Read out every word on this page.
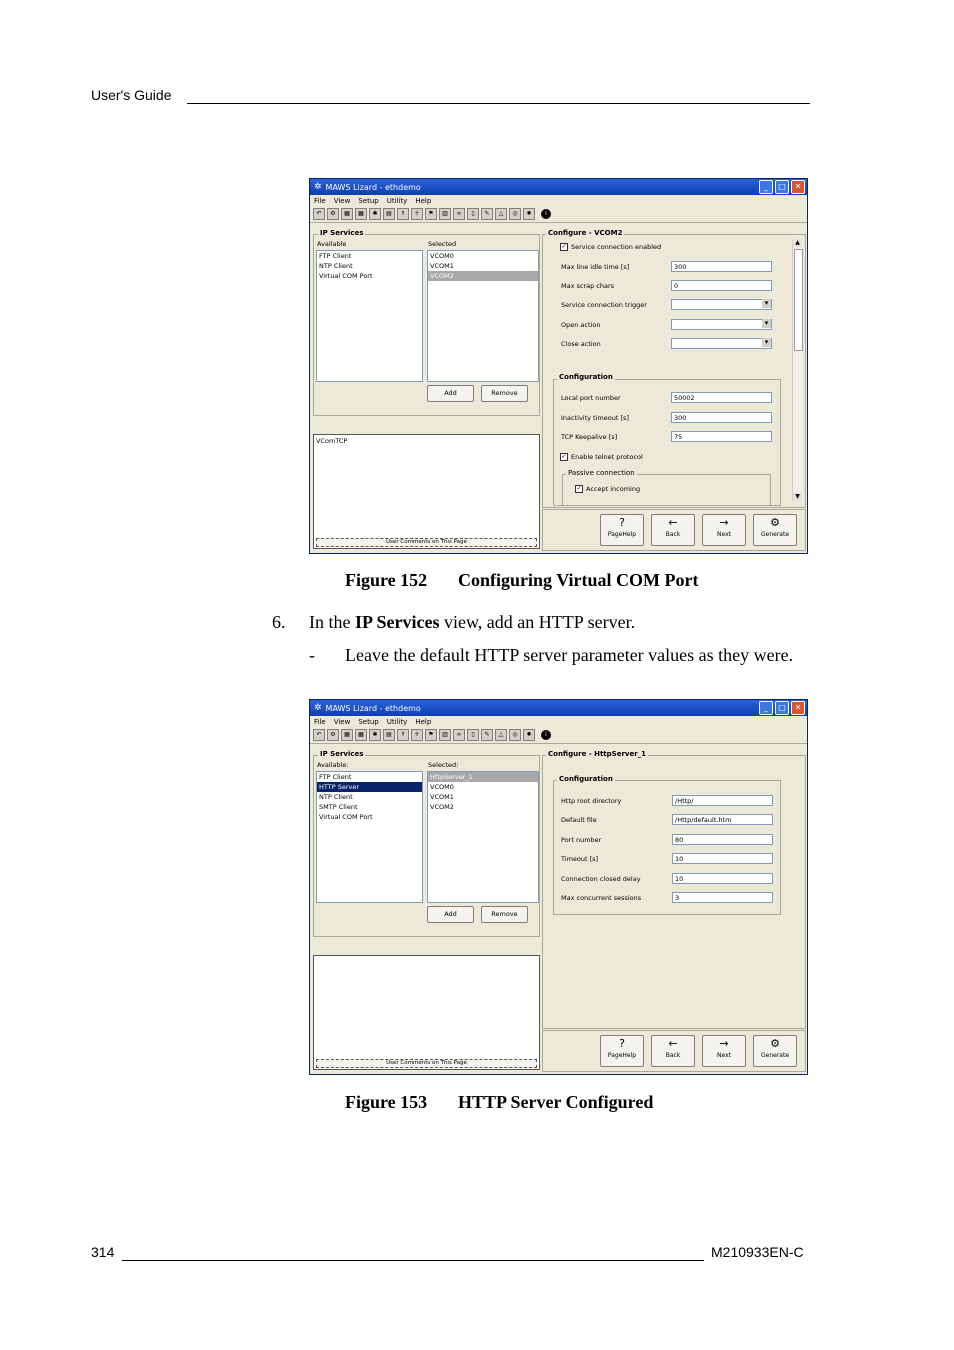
User's Guide
✲ MAWS Lizard - ethdemo	_	□	✕
File View Setup Utility Help
↶	⚙	▦	▦	✱	▤	☨	☥	⚑	▥	∞	▯	✎	△	◎	✹	i
IP Services
Available	Selected
FTP Client
NTP Client
Virtual COM Port
VCOM0
VCOM1
VCOM2
Add	Remove
VComTCP
User Comments on This Page
Configure - VCOM2
✓ Service connection enabled
Max line idle time [s]	300
Max scrap chars	0
Service connection trigger
▾
Open action
▾
Close action
▾
Configuration
Local port number	50002
Inactivity timeout [s]	300
TCP Keepalive [s]	75
✓ Enable telnet protocol
Passive connection
✓ Accept incoming
▲
▼
?
PageHelp
←
Back
→
Next
⚙
Generate
Figure 152 Configuring Virtual COM Port
6. In the IP Services view, add an HTTP server.
- Leave the default HTTP server parameter values as they were.
✲ MAWS Lizard - ethdemo	_	□	✕
File View Setup Utility Help
↶	⚙	▦	▦	✱	▤	☨	☥	⚑	▥	∞	▯	✎	△	◎	✹	i
IP Services
Available:	Selected:
FTP Client
HTTP Server
NTP Client
SMTP Client
Virtual COM Port
HttpServer_1
VCOM0
VCOM1
VCOM2
Add	Remove
User Comments on This Page
Configure - HttpServer_1
Configuration
Http root directory	/Http/
Default file	/Http/default.htm
Port number	80
Timeout [s]	10
Connection closed delay	10
Max concurrent sessions	3
?
PageHelp
←
Back
→
Next
⚙
Generate
Figure 153 HTTP Server Configured
314	M210933EN-C
